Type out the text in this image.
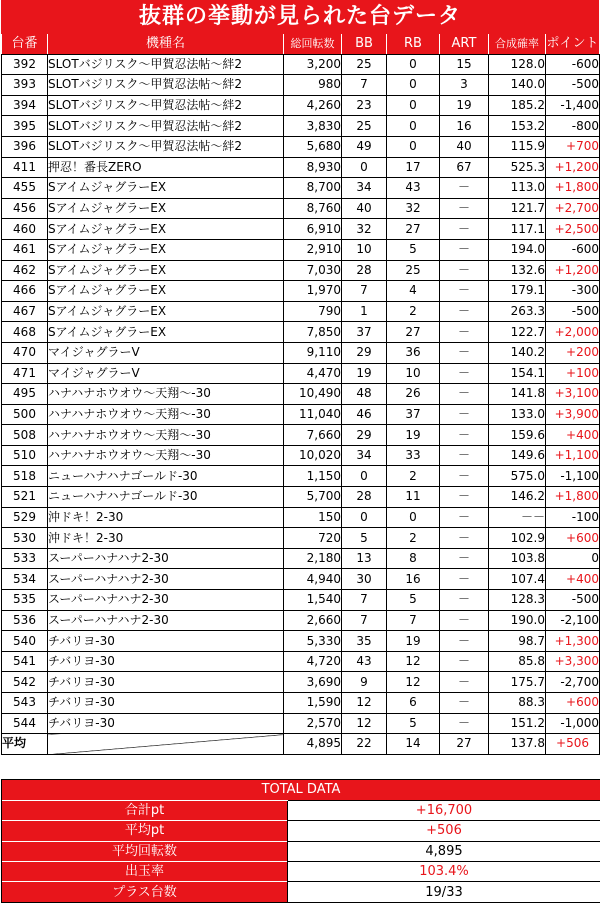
抜群の挙動が見られた台データ
台番	機種名	総回転数	BB	RB	ART	合成確率	ポイント
392	SLOTバジリスク～甲賀忍法帖～絆2	3,200	25	0	15	128.0	-600
393	SLOTバジリスク～甲賀忍法帖～絆2	980	7	0	3	140.0	-500
394	SLOTバジリスク～甲賀忍法帖～絆2	4,260	23	0	19	185.2	-1,400
395	SLOTバジリスク～甲賀忍法帖～絆2	3,830	25	0	16	153.2	-800
396	SLOTバジリスク～甲賀忍法帖～絆2	5,680	49	0	40	115.9	+700
411	押忍！番長ZERO	8,930	0	17	67	525.3	+1,200
455	SアイムジャグラーEX	8,700	34	43	－	113.0	+1,800
456	SアイムジャグラーEX	8,760	40	32	－	121.7	+2,700
460	SアイムジャグラーEX	6,910	32	27	－	117.1	+2,500
461	SアイムジャグラーEX	2,910	10	5	－	194.0	-600
462	SアイムジャグラーEX	7,030	28	25	－	132.6	+1,200
466	SアイムジャグラーEX	1,970	7	4	－	179.1	-300
467	SアイムジャグラーEX	790	1	2	－	263.3	-500
468	SアイムジャグラーEX	7,850	37	27	－	122.7	+2,000
470	マイジャグラーⅤ	9,110	29	36	－	140.2	+200
471	マイジャグラーⅤ	4,470	19	10	－	154.1	+100
495	ハナハナホウオウ～天翔～-30	10,490	48	26	－	141.8	+3,100
500	ハナハナホウオウ～天翔～-30	11,040	46	37	－	133.0	+3,900
508	ハナハナホウオウ～天翔～-30	7,660	29	19	－	159.6	+400
510	ハナハナホウオウ～天翔～-30	10,020	34	33	－	149.6	+1,100
518	ニューハナハナゴールド-30	1,150	0	2	－	575.0	-1,100
521	ニューハナハナゴールド-30	5,700	28	11	－	146.2	+1,800
529	沖ドキ！2-30	150	0	0	－	－－	-100
530	沖ドキ！2-30	720	5	2	－	102.9	+600
533	スーパーハナハナ2-30	2,180	13	8	－	103.8	0
534	スーパーハナハナ2-30	4,940	30	16	－	107.4	+400
535	スーパーハナハナ2-30	1,540	7	5	－	128.3	-500
536	スーパーハナハナ2-30	2,660	7	7	－	190.0	-2,100
540	チバリヨ-30	5,330	35	19	－	98.7	+1,300
541	チバリヨ-30	4,720	43	12	－	85.8	+3,300
542	チバリヨ-30	3,690	9	12	－	175.7	-2,700
543	チバリヨ-30	1,590	12	6	－	88.3	+600
544	チバリヨ-30	2,570	12	5	－	151.2	-1,000
平均		4,895	22	14	27	137.8	+506
TOTAL DATA
合計pt	+16,700
平均pt	+506
平均回転数	4,895
出玉率	103.4%
プラス台数	19/33
